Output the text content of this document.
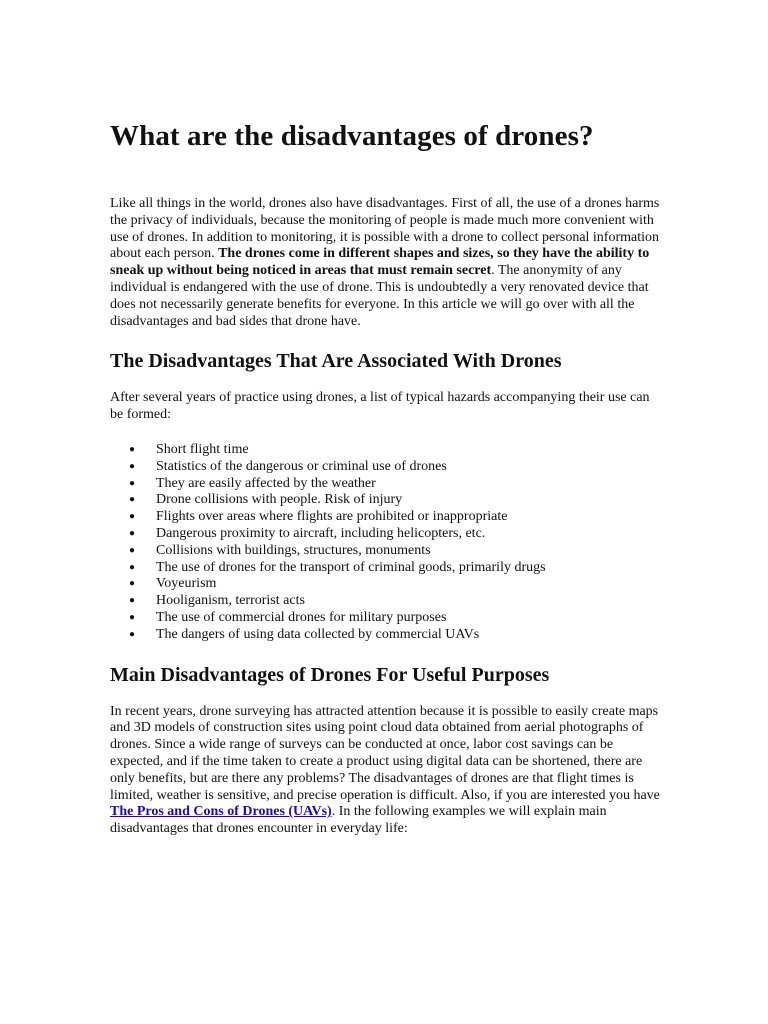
What are the disadvantages of drones?

Like all things in the world, drones also have disadvantages. First of all, the use of a drones harms the privacy of individuals, because the monitoring of people is made much more convenient with use of drones. In addition to monitoring, it is possible with a drone to collect personal information about each person. The drones come in different shapes and sizes, so they have the ability to sneak up without being noticed in areas that must remain secret. The anonymity of any individual is endangered with the use of drone. This is undoubtedly a very renovated device that does not necessarily generate benefits for everyone. In this article we will go over with all the disadvantages and bad sides that drone have.

The Disadvantages That Are Associated With Drones

After several years of practice using drones, a list of typical hazards accompanying their use can be formed:

● Short flight time
● Statistics of the dangerous or criminal use of drones
● They are easily affected by the weather
● Drone collisions with people. Risk of injury
● Flights over areas where flights are prohibited or inappropriate
● Dangerous proximity to aircraft, including helicopters, etc.
● Collisions with buildings, structures, monuments
● The use of drones for the transport of criminal goods, primarily drugs
● Voyeurism
● Hooliganism, terrorist acts
● The use of commercial drones for military purposes
● The dangers of using data collected by commercial UAVs
Main Disadvantages of Drones For Useful Purposes

In recent years, drone surveying has attracted attention because it is possible to easily create maps and 3D models of construction sites using point cloud data obtained from aerial photographs of drones. Since a wide range of surveys can be conducted at once, labor cost savings can be expected, and if the time taken to create a product using digital data can be shortened, there are only benefits, but are there any problems? The disadvantages of drones are that flight times is limited, weather is sensitive, and precise operation is difficult. Also, if you are interested you have The Pros and Cons of Drones (UAVs). In the following examples we will explain main disadvantages that drones encounter in everyday life:
